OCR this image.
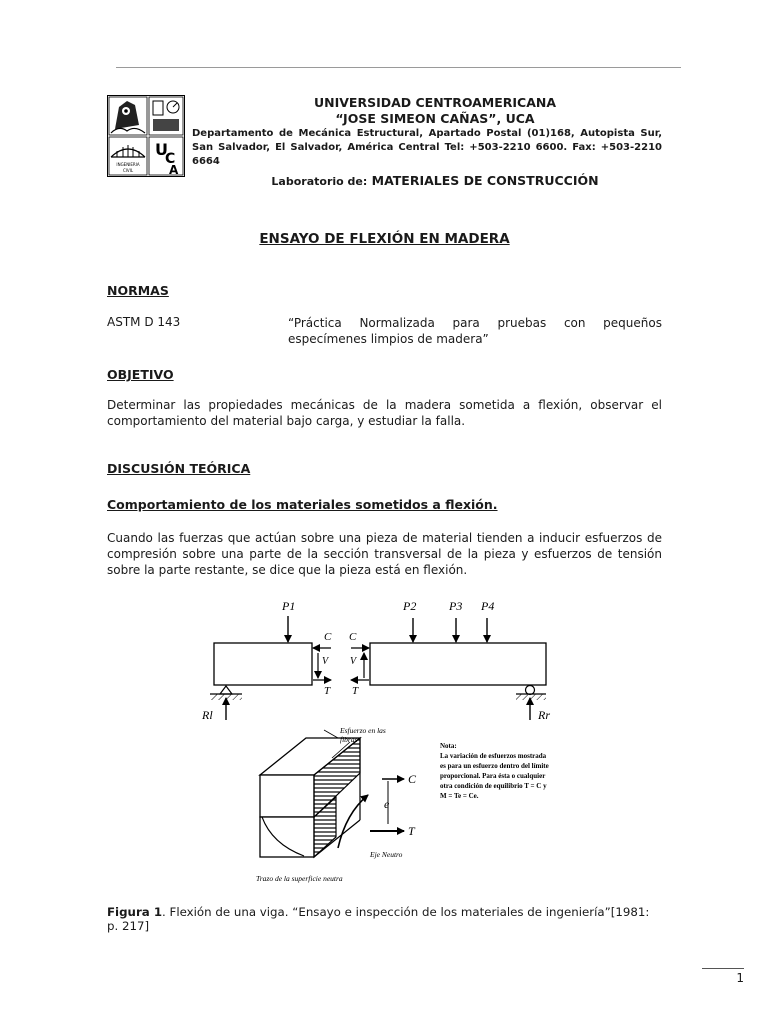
INGENIERIA
CIVIL
U
C
A
UNIVERSIDAD CENTROAMERICANA
“JOSE SIMEON CAÑAS”, UCA
Departamento de Mecánica Estructural, Apartado Postal (01)168, Autopista Sur, San Salvador, El Salvador, América Central Tel: +503-2210 6600. Fax: +503-2210 6664
Laboratorio de: MATERIALES DE CONSTRUCCIÓN
ENSAYO DE FLEXIÓN EN MADERA
NORMAS
ASTM D 143	“Práctica Normalizada para pruebas con pequeños especímenes limpios de madera”
OBJETIVO
Determinar las propiedades mecánicas de la madera sometida a flexión, observar el comportamiento del material bajo carga, y estudiar la falla.
DISCUSIÓN TEÓRICA
Comportamiento de los materiales sometidos a flexión.
Cuando las fuerzas que actúan sobre una pieza de material tienden a inducir esfuerzos de compresión sobre una parte de la sección transversal de la pieza y esfuerzos de tensión sobre la parte restante, se dice que la pieza está en flexión.
P1
C
V
T
Rl
C
V
T
P2	P3 P4
Rr
C
T
e
Esfuerzo en las
fibras
Eje Neutro
Trazo de la superficie neutra
Nota:
La variación de esfuerzos mostrada
es para un esfuerzo dentro del límite
proporcional. Para ésta o cualquier
otra condición de equilibrio T = C y
M = Te = Ce.
Figura 1. Flexión de una viga. “Ensayo e inspección de los materiales de ingeniería”[1981: p. 217]
1
